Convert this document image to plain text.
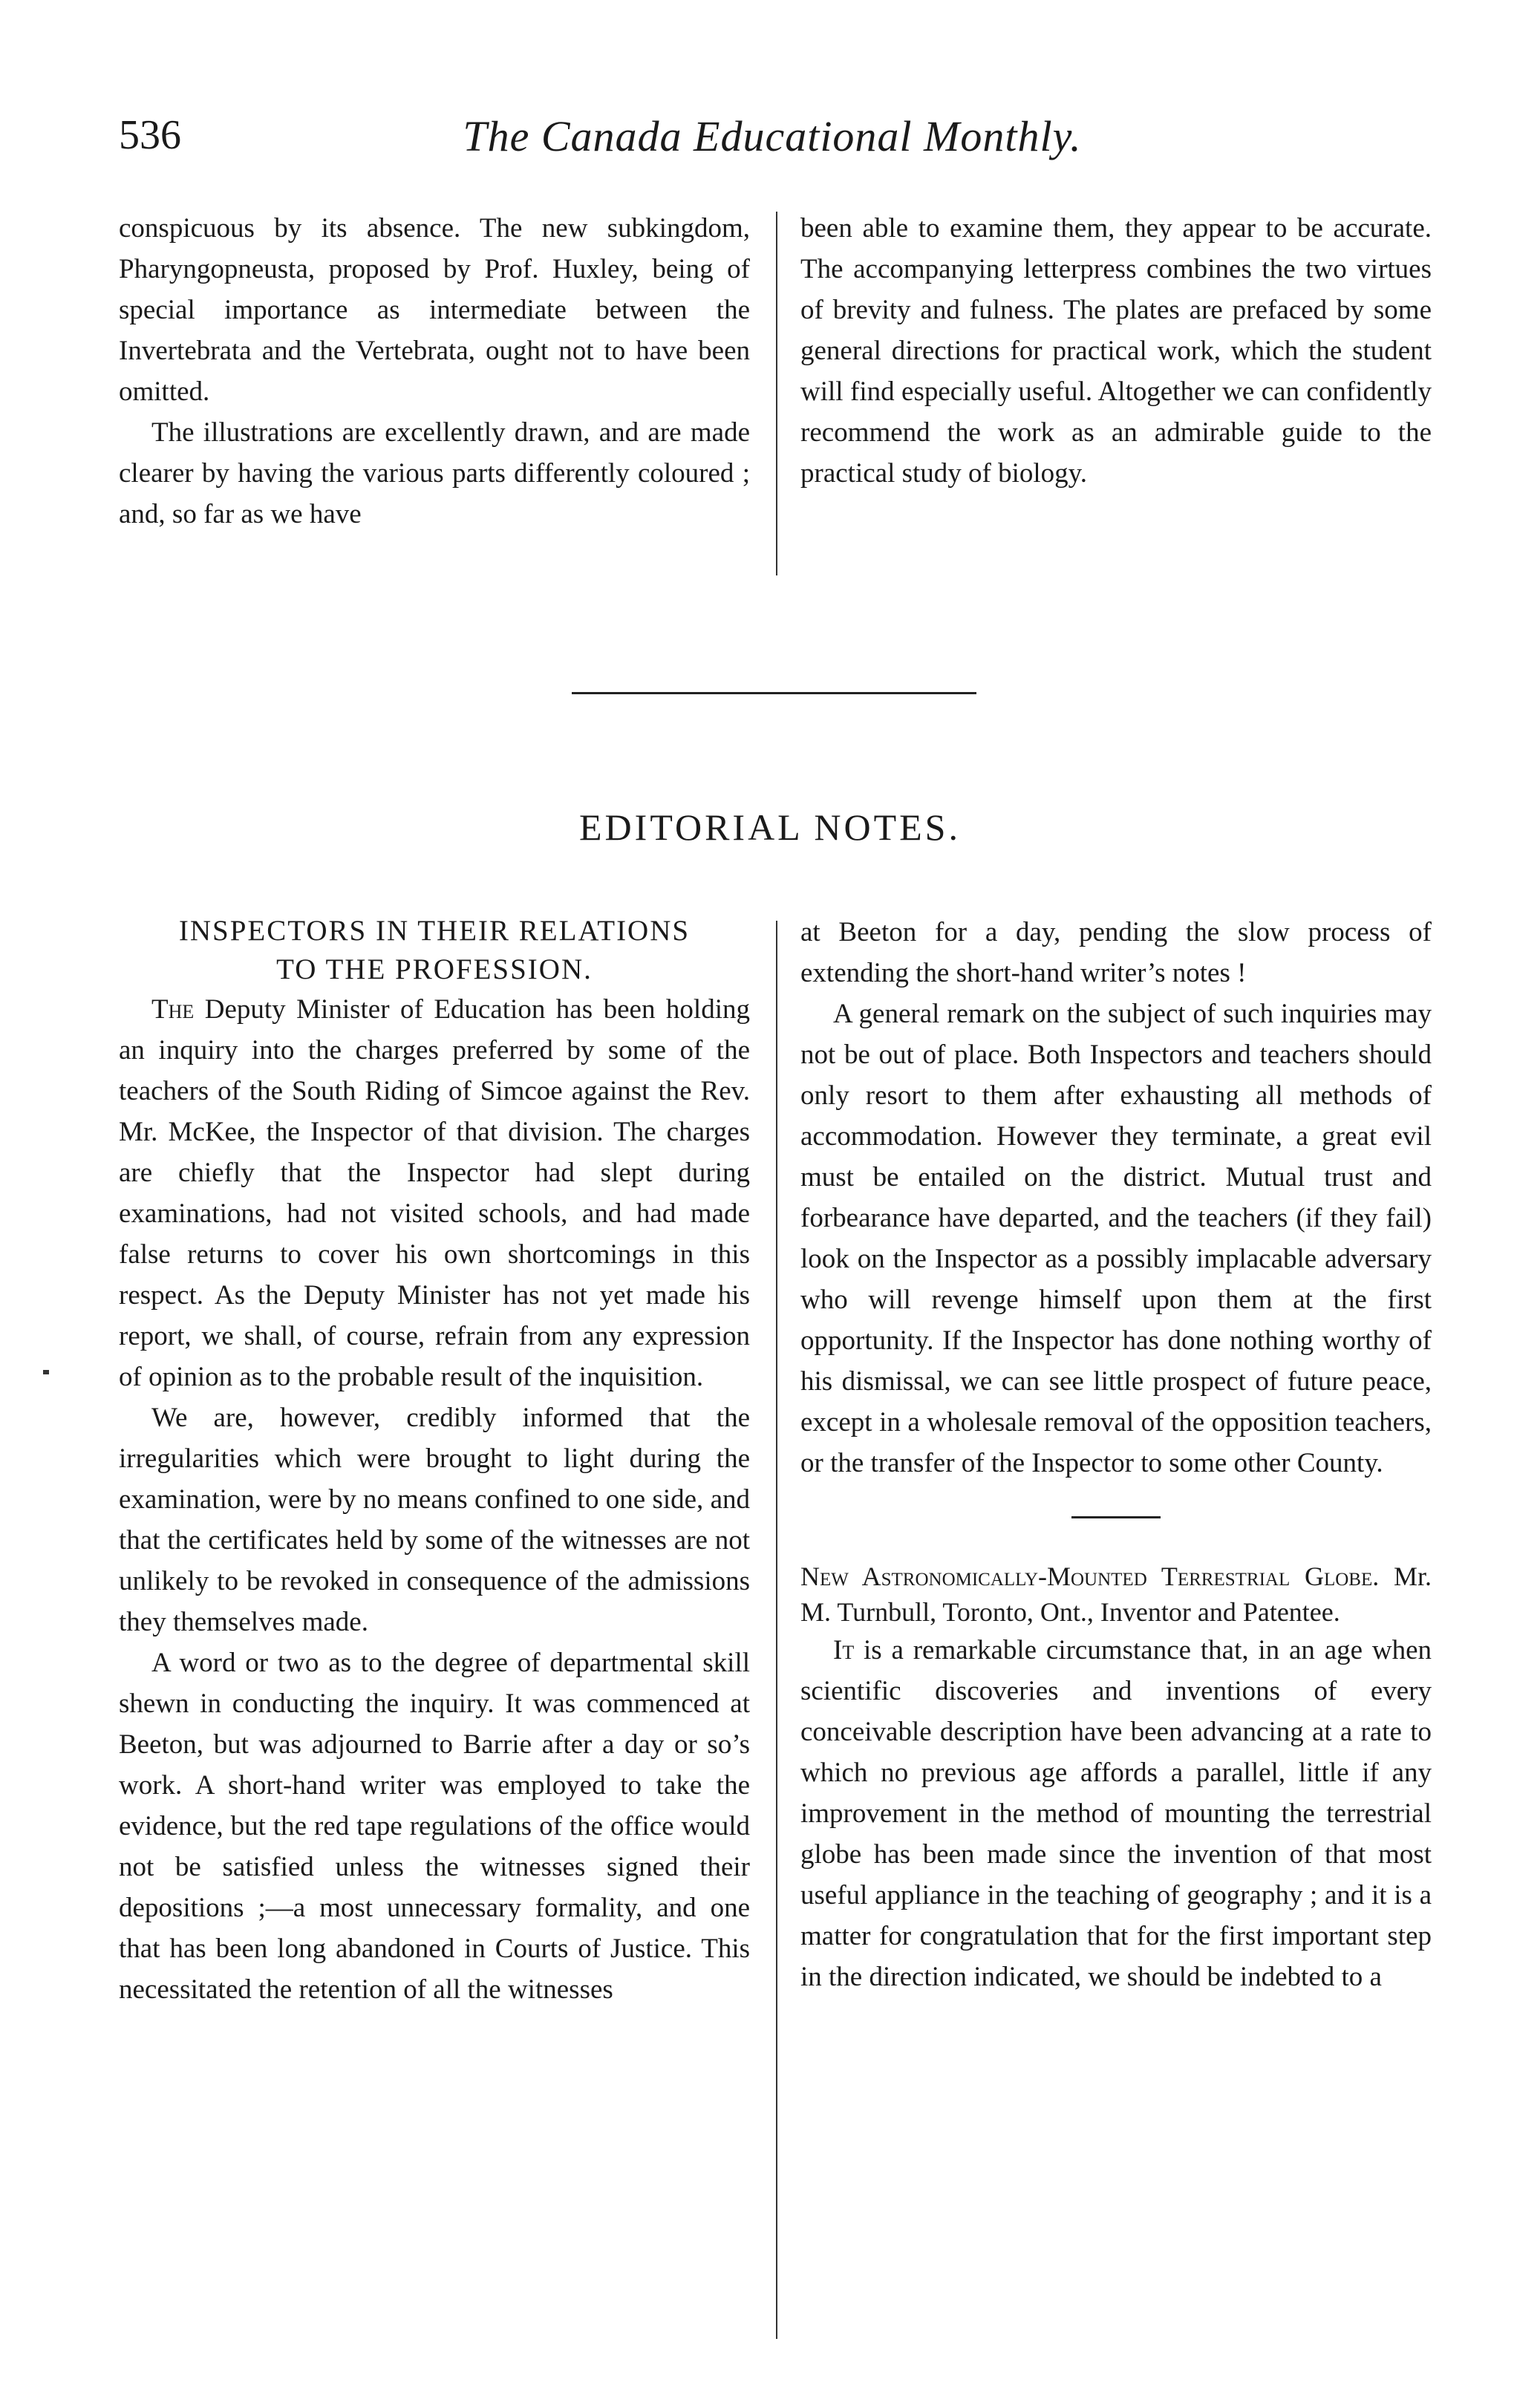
536	The Canada Educational Monthly.

conspicuous by its absence. The new subkingdom, Pharyngopneusta, proposed by Prof. Huxley, being of special importance as intermediate between the Invertebrata and the Vertebrata, ought not to have been omitted.

The illustrations are excellently drawn, and are made clearer by having the various parts differently coloured ; and, so far as we have

been able to examine them, they appear to be accurate. The accompanying letterpress combines the two virtues of brevity and fulness. The plates are prefaced by some general directions for practical work, which the student will find especially useful. Altogether we can confidently recommend the work as an admirable guide to the practical study of biology.

EDITORIAL NOTES.

INSPECTORS IN THEIR RELATIONS
TO THE PROFESSION.

The Deputy Minister of Education has been holding an inquiry into the charges preferred by some of the teachers of the South Riding of Simcoe against the Rev. Mr. McKee, the Inspector of that division. The charges are chiefly that the Inspector had slept during examinations, had not visited schools, and had made false returns to cover his own shortcomings in this respect. As the Deputy Minister has not yet made his report, we shall, of course, refrain from any expression of opinion as to the probable result of the inquisition.

We are, however, credibly informed that the irregularities which were brought to light during the examination, were by no means confined to one side, and that the certificates held by some of the witnesses are not unlikely to be revoked in consequence of the admissions they themselves made.

A word or two as to the degree of departmental skill shewn in conducting the inquiry. It was commenced at Beeton, but was adjourned to Barrie after a day or so’s work. A short-hand writer was employed to take the evidence, but the red tape regulations of the office would not be satisfied unless the witnesses signed their depositions ;—a most unnecessary formality, and one that has been long abandoned in Courts of Justice. This necessitated the retention of all the witnesses

at Beeton for a day, pending the slow process of extending the short-hand writer’s notes !

A general remark on the subject of such inquiries may not be out of place. Both Inspectors and teachers should only resort to them after exhausting all methods of accommodation. However they terminate, a great evil must be entailed on the district. Mutual trust and forbearance have departed, and the teachers (if they fail) look on the Inspector as a possibly implacable adversary who will revenge himself upon them at the first opportunity. If the Inspector has done nothing worthy of his dismissal, we can see little prospect of future peace, except in a wholesale removal of the opposition teachers, or the transfer of the Inspector to some other County.

New Astronomically-Mounted Terrestrial Globe. Mr. M. Turnbull, Toronto, Ont., Inventor and Patentee.

It is a remarkable circumstance that, in an age when scientific discoveries and inventions of every conceivable description have been advancing at a rate to which no previous age affords a parallel, little if any improvement in the method of mounting the terrestrial globe has been made since the invention of that most useful appliance in the teaching of geography ; and it is a matter for congratulation that for the first important step in the direction indicated, we should be indebted to a
